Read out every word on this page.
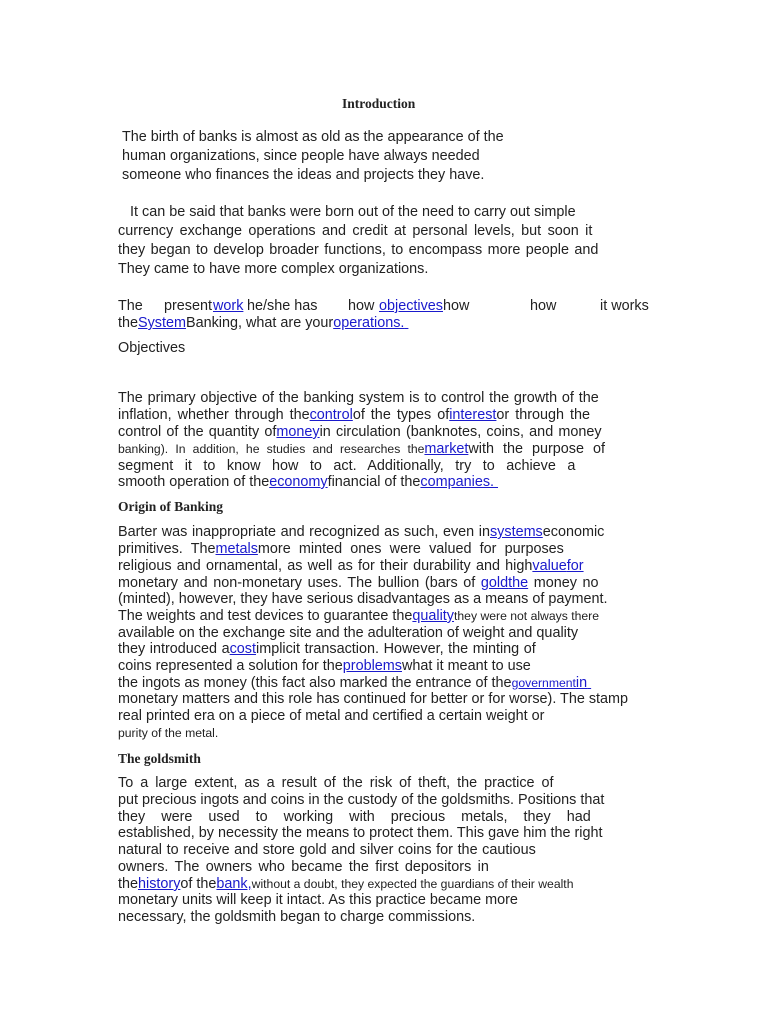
Introduction
The birth of banks is almost as old as the appearance of the
human organizations, since people have always needed
someone who finances the ideas and projects they have.
It can be said that banks were born out of the need to carry out simple
currency exchange operations and credit at personal levels, but soon it
they began to develop broader functions, to encompass more people and
They came to have more complex organizations.
The present work he/she has how objectives how	how	it works
theSystemBanking, what are youroperations.
Objectives
The primary objective of the banking system is to control the growth of the
inflation, whether through thecontrolof the types ofinterestor through the
control of the quantity ofmoneyin circulation (banknotes, coins, and money
banking). In addition, he studies and researches themarketwith the purpose of
segment it to know how to act. Additionally, try to achieve a
smooth operation of theeconomyfinancial of thecompanies.
Origin of Banking
Barter was inappropriate and recognized as such, even insystemseconomic
primitives. Themetalsmore minted ones were valued for purposes
religious and ornamental, as well as for their durability and highvaluefor
monetary and non-monetary uses. The bullion (bars of goldthe money no
(minted), however, they have serious disadvantages as a means of payment.
The weights and test devices to guarantee thequalitythey were not always there
available on the exchange site and the adulteration of weight and quality
they introduced acostimplicit transaction. However, the minting of
coins represented a solution for theproblemswhat it meant to use
the ingots as money (this fact also marked the entrance of thegovernmentin
monetary matters and this role has continued for better or for worse). The stamp
real printed era on a piece of metal and certified a certain weight or
purity of the metal.
The goldsmith
To a large extent, as a result of the risk of theft, the practice of
put precious ingots and coins in the custody of the goldsmiths. Positions that
they were used to working with precious metals, they had
established, by necessity the means to protect them. This gave him the right
natural to receive and store gold and silver coins for the cautious
owners. The owners who became the first depositors in
thehistoryof thebank,without a doubt, they expected the guardians of their wealth
monetary units will keep it intact. As this practice became more
necessary, the goldsmith began to charge commissions.
